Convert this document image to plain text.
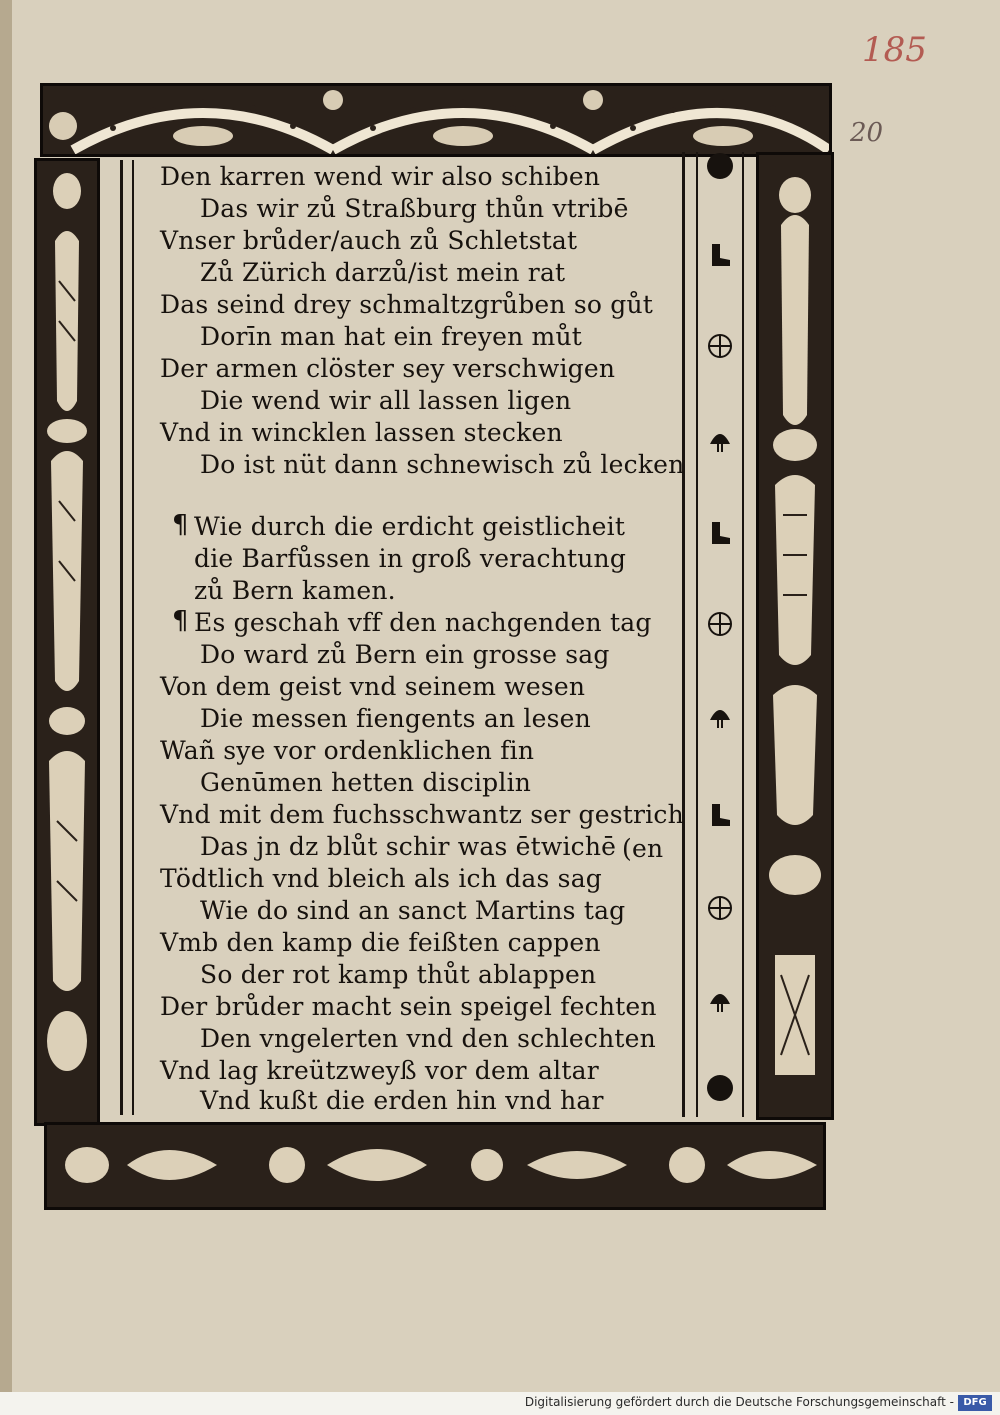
185
20
Den karren wend wir also schiben
Das wir zů Straßburg thůn vtribē
Vnser brůder/auch zů Schletstat
Zů Zürich darzů/ist mein rat
Das seind drey schmaltzgrůben so gůt
Dorīn man hat ein freyen můt
Der armen clöster sey verschwigen
Die wend wir all lassen ligen
Vnd in wincklen lassen stecken
Do ist nüt dann schnewisch zů lecken
¶ Wie durch die erdicht geistlicheit
die Barfůssen in groß verachtung
zů Bern kamen.
¶ Es geschah vff den nachgenden tag
Do ward zů Bern ein grosse sag
Von dem geist vnd seinem wesen
Die messen fiengents an lesen
Wañ sye vor ordenklichen fin
Genūmen hetten disciplin
Vnd mit dem fuchsschwantz ser gestrich
Das jn dz blůt schir was ētwichē (en
Tödtlich vnd bleich als ich das sag
Wie do sind an sanct Martins tag
Vmb den kamp die feißten cappen
So der rot kamp thůt ablappen
Der brůder macht sein speigel fechten
Den vngelerten vnd den schlechten
Vnd lag kreützweyß vor dem altar
Vnd kußt die erden hin vnd har
Digitalisierung gefördert durch die Deutsche Forschungsgemeinschaft - DFG
